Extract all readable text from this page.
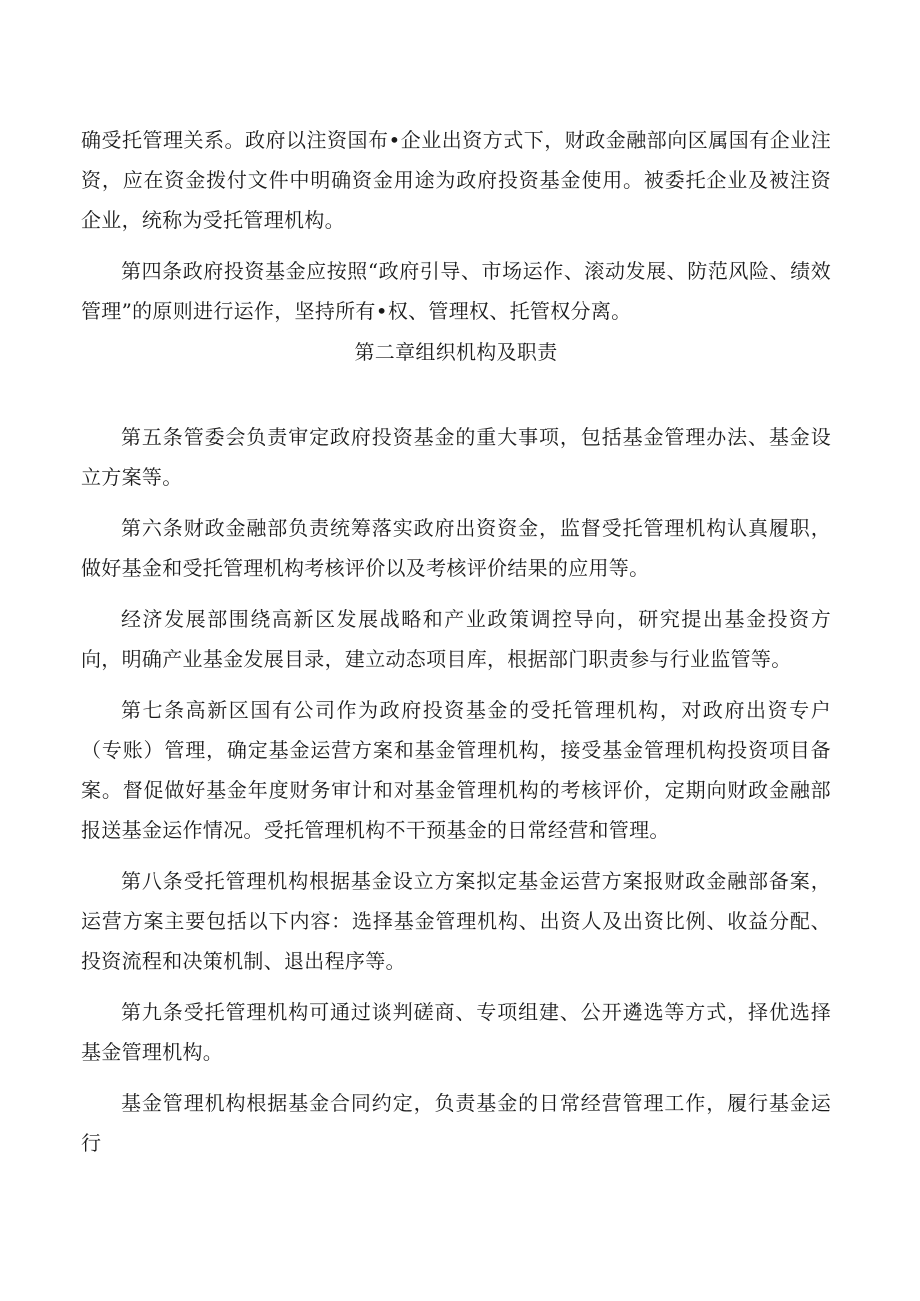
确受托管理关系。政府以注资国布•企业出资方式下，财政金融部向区属国有企业注资，应在资金拨付文件中明确资金用途为政府投资基金使用。被委托企业及被注资企业，统称为受托管理机构。

第四条政府投资基金应按照“政府引导、市场运作、滚动发展、防范风险、绩效管理”的原则进行运作，坚持所有•权、管理权、托管权分离。

第二章组织机构及职责

第五条管委会负责审定政府投资基金的重大事项，包括基金管理办法、基金设立方案等。

第六条财政金融部负责统筹落实政府出资资金，监督受托管理机构认真履职，做好基金和受托管理机构考核评价以及考核评价结果的应用等。

经济发展部围绕高新区发展战略和产业政策调控导向，研究提出基金投资方向，明确产业基金发展目录，建立动态项目库，根据部门职责参与行业监管等。

第七条高新区国有公司作为政府投资基金的受托管理机构，对政府出资专户（专账）管理，确定基金运营方案和基金管理机构，接受基金管理机构投资项目备案。督促做好基金年度财务审计和对基金管理机构的考核评价，定期向财政金融部报送基金运作情况。受托管理机构不干预基金的日常经营和管理。

第八条受托管理机构根据基金设立方案拟定基金运营方案报财政金融部备案，运营方案主要包括以下内容：选择基金管理机构、出资人及出资比例、收益分配、投资流程和决策机制、退出程序等。

第九条受托管理机构可通过谈判磋商、专项组建、公开遴选等方式，择优选择基金管理机构。

基金管理机构根据基金合同约定，负责基金的日常经营管理工作，履行基金运行
